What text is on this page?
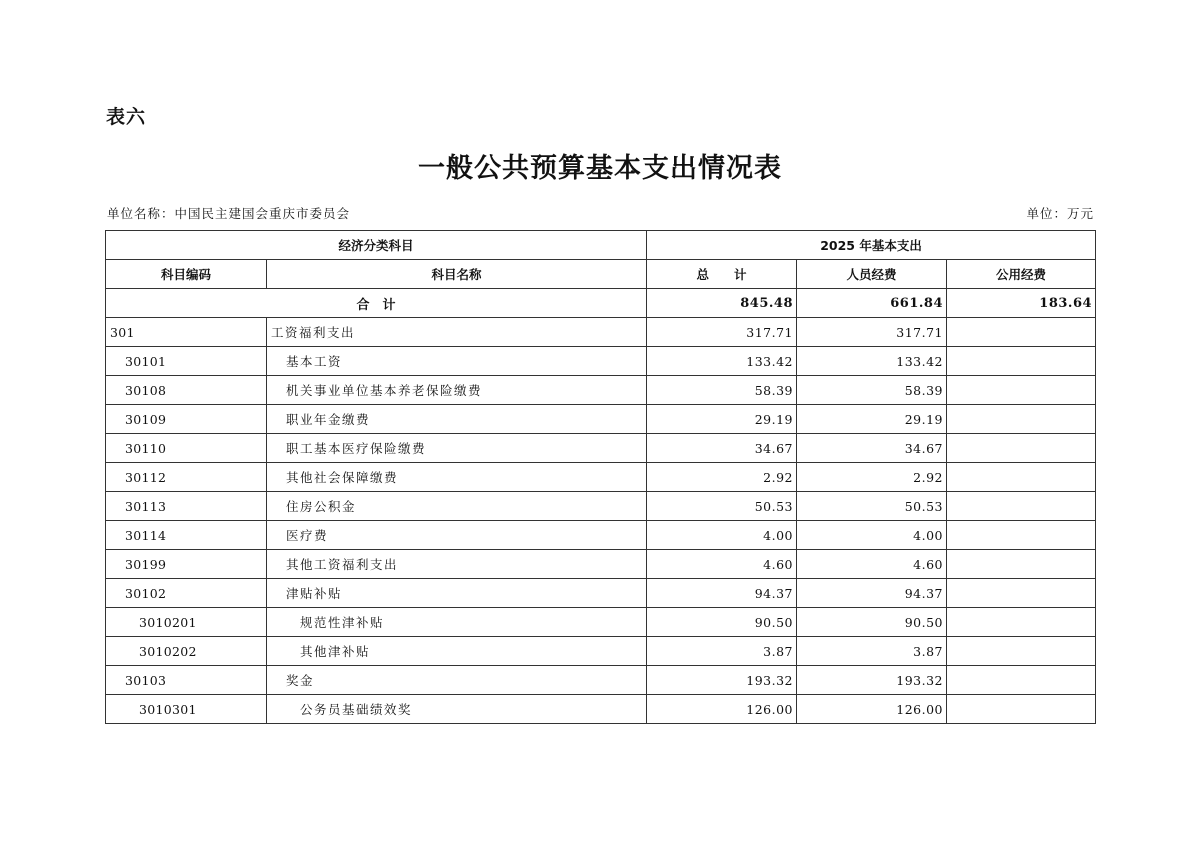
表六
一般公共预算基本支出情况表
单位名称：中国民主建国会重庆市委员会	单位：万元
经济分类科目		2025 年基本支出		
科目编码	科目名称	总　　计	人员经费	公用经费
合　计		845.48	661.84	183.64
301	工资福利支出	317.71	317.71	
30101	基本工资	133.42	133.42	
30108	机关事业单位基本养老保险缴费	58.39	58.39	
30109	职业年金缴费	29.19	29.19	
30110	职工基本医疗保险缴费	34.67	34.67	
30112	其他社会保障缴费	2.92	2.92	
30113	住房公积金	50.53	50.53	
30114	医疗费	4.00	4.00	
30199	其他工资福利支出	4.60	4.60	
30102	津贴补贴	94.37	94.37	
3010201	规范性津补贴	90.50	90.50	
3010202	其他津补贴	3.87	3.87	
30103	奖金	193.32	193.32	
3010301	公务员基础绩效奖	126.00	126.00	
